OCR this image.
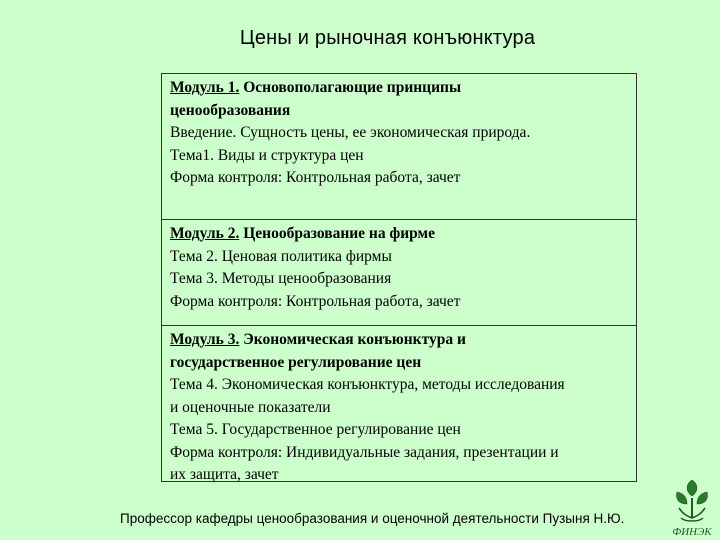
Цены и рыночная конъюнктура
Модуль 1. Основополагающие принципы
ценообразования
Введение. Сущность цены, ее экономическая природа.
Тема1. Виды и структура цен
Форма контроля: Контрольная работа, зачет
Модуль 2. Ценообразование на фирме
Тема 2. Ценовая политика фирмы
Тема 3. Методы ценообразования
Форма контроля: Контрольная работа, зачет
Модуль 3. Экономическая конъюнктура и
государственное регулирование цен
Тема 4. Экономическая конъюнктура, методы исследования
и оценочные показатели
Тема 5. Государственное регулирование цен
Форма контроля: Индивидуальные задания, презентации и
их защита, зачет
Профессор кафедры ценообразования и оценочной деятельности Пузыня Н.Ю.
ФИНЭК
